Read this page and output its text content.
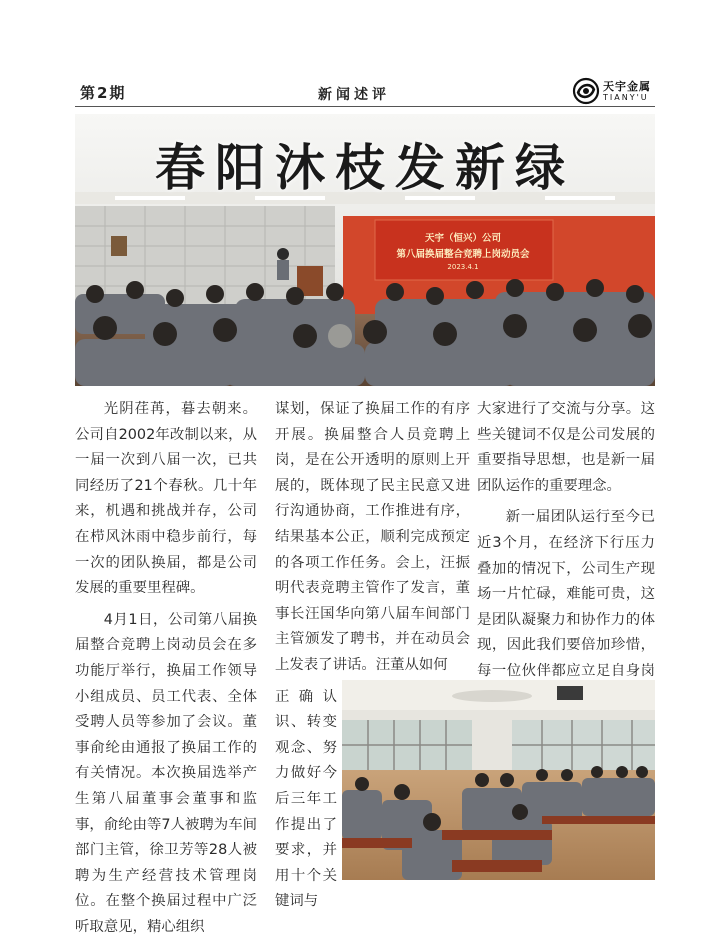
第2期	新闻述评
天宇金属
TIANY'U
春阳沐枝发新绿
天宇（恒兴）公司
第八届换届整合竞聘上岗动员会
2023.4.1

光阴荏苒，暮去朝来。公司自2002年改制以来，从一届一次到八届一次，已共同经历了21个春秋。几十年来，机遇和挑战并存，公司在栉风沐雨中稳步前行，每一次的团队换届，都是公司发展的重要里程碑。

4月1日，公司第八届换届整合竞聘上岗动员会在多功能厅举行，换届工作领导小组成员、员工代表、全体受聘人员等参加了会议。董事俞纶由通报了换届工作的有关情况。本次换届选举产生第八届董事会董事和监事，俞纶由等7人被聘为车间部门主管，徐卫芳等28人被聘为生产经营技术管理岗位。在整个换届过程中广泛听取意见，精心组织

谋划，保证了换届工作的有序开展。换届整合人员竞聘上岗，是在公开透明的原则上开展的，既体现了民主民意又进行沟通协商，工作推进有序，结果基本公正，顺利完成预定的各项工作任务。会上，汪振明代表竞聘主管作了发言，董事长汪国华向第八届车间部门主管颁发了聘书，并在动员会上发表了讲话。汪董从如何

正确认识、转变观念、努力做好今后三年工作提出了要求，并用十个关键词与

大家进行了交流与分享。这些关键词不仅是公司发展的重要指导思想，也是新一届团队运作的重要理念。

新一届团队运行至今已近3个月，在经济下行压力叠加的情况下，公司生产现场一片忙碌，难能可贵，这是团队凝聚力和协作力的体现，因此我们要倍加珍惜，每一位伙伴都应立足自身岗
